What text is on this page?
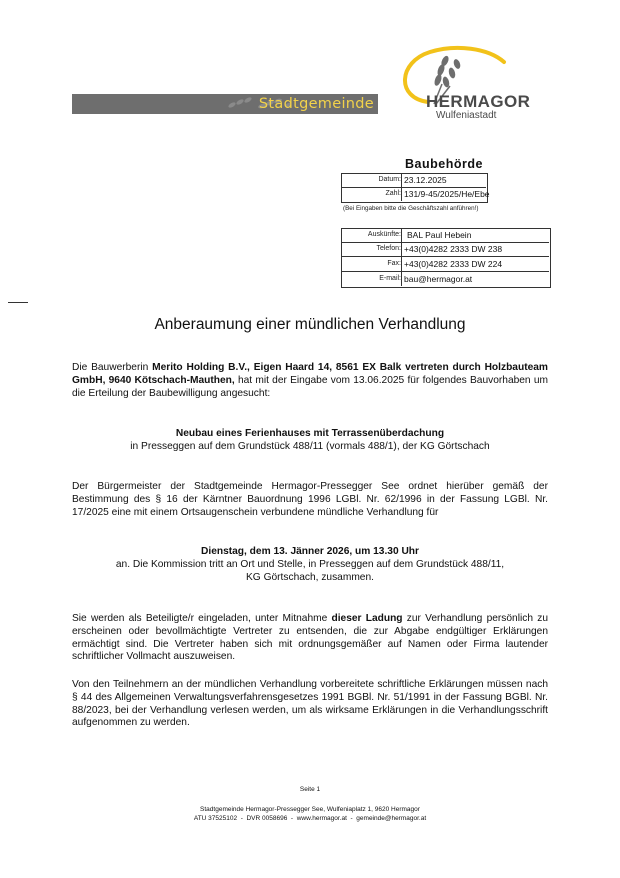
Stadtgemeinde	HERMAGOR
Wulfeniastadt
Baubehörde
Datum: 23.12.2025
Zahl: 131/9-45/2025/He/Ebe
(Bei Eingaben bitte die Geschäftszahl anführen!)
Auskünfte: BAL Paul Hebein
Telefon: +43(0)4282 2333 DW 238
Fax: +43(0)4282 2333 DW 224
E-mail: bau@hermagor.at
Anberaumung einer mündlichen Verhandlung
Die Bauwerberin Merito Holding B.V., Eigen Haard 14, 8561 EX Balk vertreten durch Holzbauteam GmbH, 9640 Kötschach-Mauthen, hat mit der Eingabe vom 13.06.2025 für folgendes Bauvorhaben um die Erteilung der Baubewilligung angesucht:
Neubau eines Ferienhauses mit Terrassenüberdachung
in Presseggen auf dem Grundstück 488/11 (vormals 488/1), der KG Görtschach
Der Bürgermeister der Stadtgemeinde Hermagor-Pressegger See ordnet hierüber gemäß der Bestimmung des § 16 der Kärntner Bauordnung 1996 LGBl. Nr. 62/1996 in der Fassung LGBl. Nr. 17/2025 eine mit einem Ortsaugenschein verbundene mündliche Verhandlung für
Dienstag, dem 13. Jänner 2026, um 13.30 Uhr
an. Die Kommission tritt an Ort und Stelle, in Presseggen auf dem Grundstück 488/11,
KG Görtschach, zusammen.
Sie werden als Beteiligte/r eingeladen, unter Mitnahme dieser Ladung zur Verhandlung persönlich zu erscheinen oder bevollmächtigte Vertreter zu entsenden, die zur Abgabe endgültiger Erklärungen ermächtigt sind. Die Vertreter haben sich mit ordnungsgemäßer auf Namen oder Firma lautender schriftlicher Vollmacht auszuweisen.
Von den Teilnehmern an der mündlichen Verhandlung vorbereitete schriftliche Erklärungen müssen nach § 44 des Allgemeinen Verwaltungsverfahrensgesetzes 1991 BGBl. Nr. 51/1991 in der Fassung BGBl. Nr. 88/2023, bei der Verhandlung verlesen werden, um als wirksame Erklärungen in die Verhandlungsschrift aufgenommen zu werden.
Seite 1
Stadtgemeinde Hermagor-Pressegger See, Wulfeniaplatz 1, 9620 Hermagor
ATU 37525102  -  DVR 0058696  -  www.hermagor.at  -  gemeinde@hermagor.at
